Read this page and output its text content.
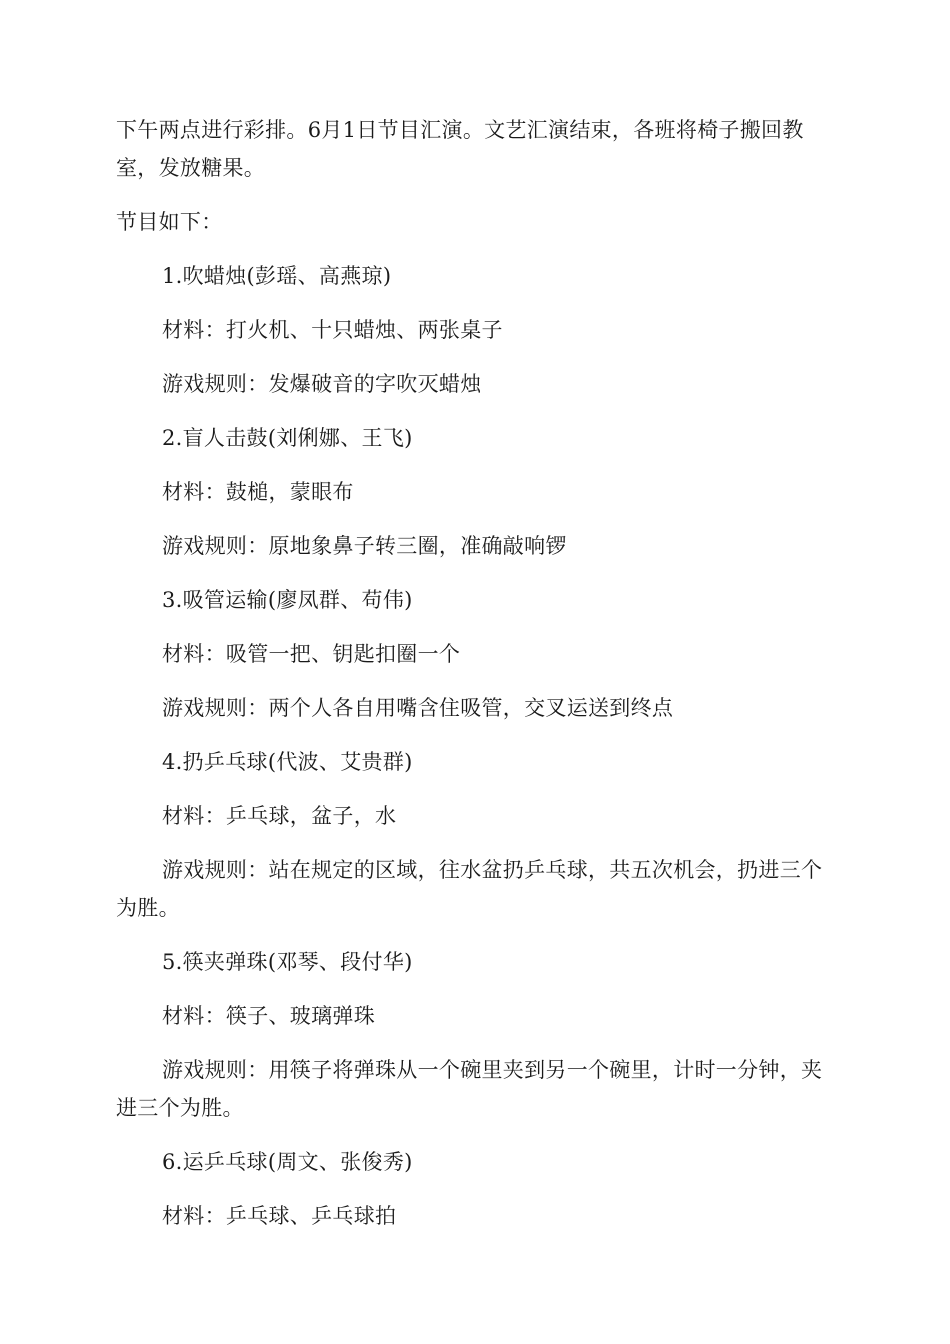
下午两点进行彩排。6月1日节目汇演。文艺汇演结束，各班将椅子搬回教室，发放糖果。

节目如下：

1.吹蜡烛(彭瑶、高燕琼)

材料：打火机、十只蜡烛、两张桌子

游戏规则：发爆破音的字吹灭蜡烛

2.盲人击鼓(刘俐娜、王飞)

材料：鼓槌，蒙眼布

游戏规则：原地象鼻子转三圈，准确敲响锣

3.吸管运输(廖凤群、苟伟)

材料：吸管一把、钥匙扣圈一个

游戏规则：两个人各自用嘴含住吸管，交叉运送到终点

4.扔乒乓球(代波、艾贵群)

材料：乒乓球，盆子，水

游戏规则：站在规定的区域，往水盆扔乒乓球，共五次机会，扔进三个为胜。

5.筷夹弹珠(邓琴、段付华)

材料：筷子、玻璃弹珠

游戏规则：用筷子将弹珠从一个碗里夹到另一个碗里，计时一分钟，夹进三个为胜。

6.运乒乓球(周文、张俊秀)

材料：乒乓球、乒乓球拍
